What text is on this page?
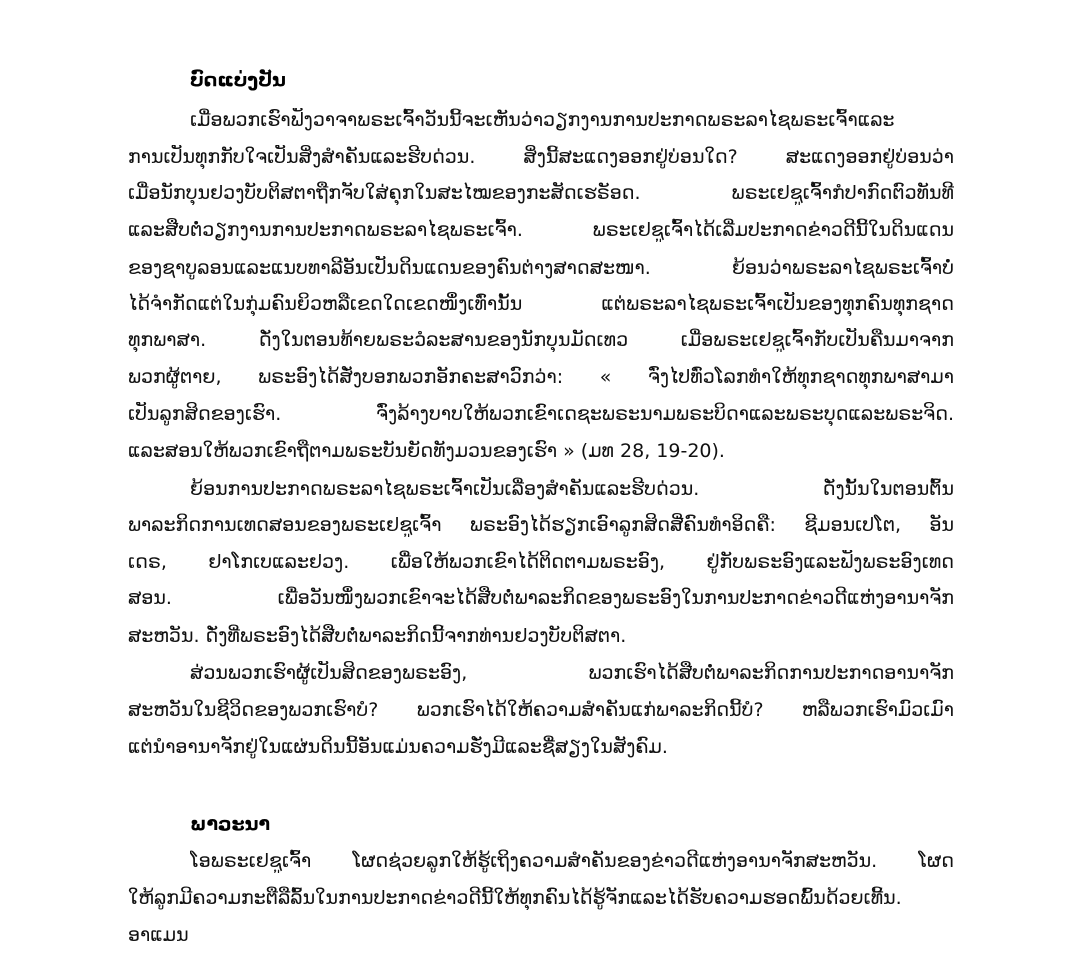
ບົດແບ່ງປັນ
ເມື່ອພວກເຮົາຟັງວາຈາພຣະເຈົ້າວັນນີ້ຈະເຫັນວ່າວຽກງານການປະກາດພຣະລາໄຊພຣະເຈົ້າແລະ
ການເປັນທຸກກັບໃຈເປັນສິ່ງສຳຄັນແລະຮີບດ່ວນ. ສິ່ງນີ້ສະແດງອອກຢູ່ບ່ອນໃດ? ສະແດງອອກຢູ່ບ່ອນວ່າ
ເມື່ອນັກບຸນຢວງບັບຕິສຕາຖືກຈັບໃສ່ຄຸກໃນສະໄໝຂອງກະສັດເຮຣັອດ. ພຣະເຢຊູເຈົ້າກໍປາກົດຕົວທັນທີ
ແລະສືບຕໍ່ວຽກງານການປະກາດພຣະລາໄຊພຣະເຈົ້າ. ພຣະເຢຊູເຈົ້າໄດ້ເລີ່ມປະກາດຂ່າວດີນີ້ໃນດິນແດນ
ຂອງຊາບູລອນແລະແນບທາລີອັນເປັນດິນແດນຂອງຄົນຕ່າງສາດສະໜາ. ຍ້ອນວ່າພຣະລາໄຊພຣະເຈົ້າບໍ່
ໄດ້ຈຳກັດແຕ່ໃນກຸ່ມຄົນຍິວຫລືເຂດໃດເຂດໜຶ່ງເທົ່ານັ້ນ ແຕ່ພຣະລາໄຊພຣະເຈົ້າເປັນຂອງທຸກຄົນທຸກຊາດ
ທຸກພາສາ. ດັ່ງໃນຕອນທ້າຍພຣະວໍລະສານຂອງນັກບຸນມັດເທວ ເມື່ອພຣະເຢຊູເຈົ້າກັບເປັນຄືນມາຈາກ
ພວກຜູ້ຕາຍ, ພຣະອົງໄດ້ສັ່ງບອກພວກອັກຄະສາວົກວ່າ: « ຈົ່ງໄປທົ່ວໂລກທຳໃຫ້ທຸກຊາດທຸກພາສາມາ
ເປັນລູກສິດຂອງເຮົາ. ຈົ່ງລ້າງບາບໃຫ້ພວກເຂົາເດຊະພຣະນາມພຣະບິດາແລະພຣະບຸດແລະພຣະຈິດ.
ແລະສອນໃຫ້ພວກເຂົາຖືຕາມພຣະບັນຍັດທັງມວນຂອງເຮົາ » (ມທ 28, 19-20).
ຍ້ອນການປະກາດພຣະລາໄຊພຣະເຈົ້າເປັນເລື່ອງສຳຄັນແລະຮີບດ່ວນ. ດັ່ງນັ້ນໃນຕອນຕົ້ນ
ພາລະກິດການເທດສອນຂອງພຣະເຢຊູເຈົ້າ ພຣະອົງໄດ້ຮຽກເອົາລູກສິດສີ່ຄົນທຳອິດຄື: ຊີມອນເປໂຕ, ອັນ
ເດຣ, ຢາໂກເບແລະຢວງ. ເພື່ອໃຫ້ພວກເຂົາໄດ້ຕິດຕາມພຣະອົງ, ຢູ່ກັບພຣະອົງແລະຟັງພຣະອົງເທດ
ສອນ. ເພື່ອວັນໜຶ່ງພວກເຂົາຈະໄດ້ສືບຕໍ່ພາລະກິດຂອງພຣະອົງໃນການປະກາດຂ່າວດີແຫ່ງອານາຈັກ
ສະຫວັນ. ດັ່ງທີ່ພຣະອົງໄດ້ສືບຕໍ່ພາລະກິດນີ້ຈາກທ່ານຢວງບັບຕິສຕາ.
ສ່ວນພວກເຮົາຜູ້ເປັນສິດຂອງພຣະອົງ, ພວກເຮົາໄດ້ສືບຕໍ່ພາລະກິດການປະກາດອານາຈັກ
ສະຫວັນໃນຊີວິດຂອງພວກເຮົາບໍ? ພວກເຮົາໄດ້ໃຫ້ຄວາມສຳຄັນແກ່ພາລະກິດນີ້ບໍ? ຫລືພວກເຮົາມົວເມົາ
ແຕ່ນຳອານາຈັກຢູ່ໃນແຜ່ນດິນນີ້ອັນແມ່ນຄວາມຮັ່ງມີແລະຊື່ສຽງໃນສັງຄົມ.
ພາວະນາ
ໂອພຣະເຢຊູເຈົ້າ ໂຜດຊ່ວຍລູກໃຫ້ຮູ້ເຖິງຄວາມສຳຄັນຂອງຂ່າວດີແຫ່ງອານາຈັກສະຫວັນ. ໂຜດ
ໃຫ້ລູກມີຄວາມກະຕືລືລົ້ນໃນການປະກາດຂ່າວດີນີ້ໃຫ້ທຸກຄົນໄດ້ຮູ້ຈັກແລະໄດ້ຮັບຄວາມຮອດພົ້ນດ້ວຍເທີ້ນ.
ອາແມນ
